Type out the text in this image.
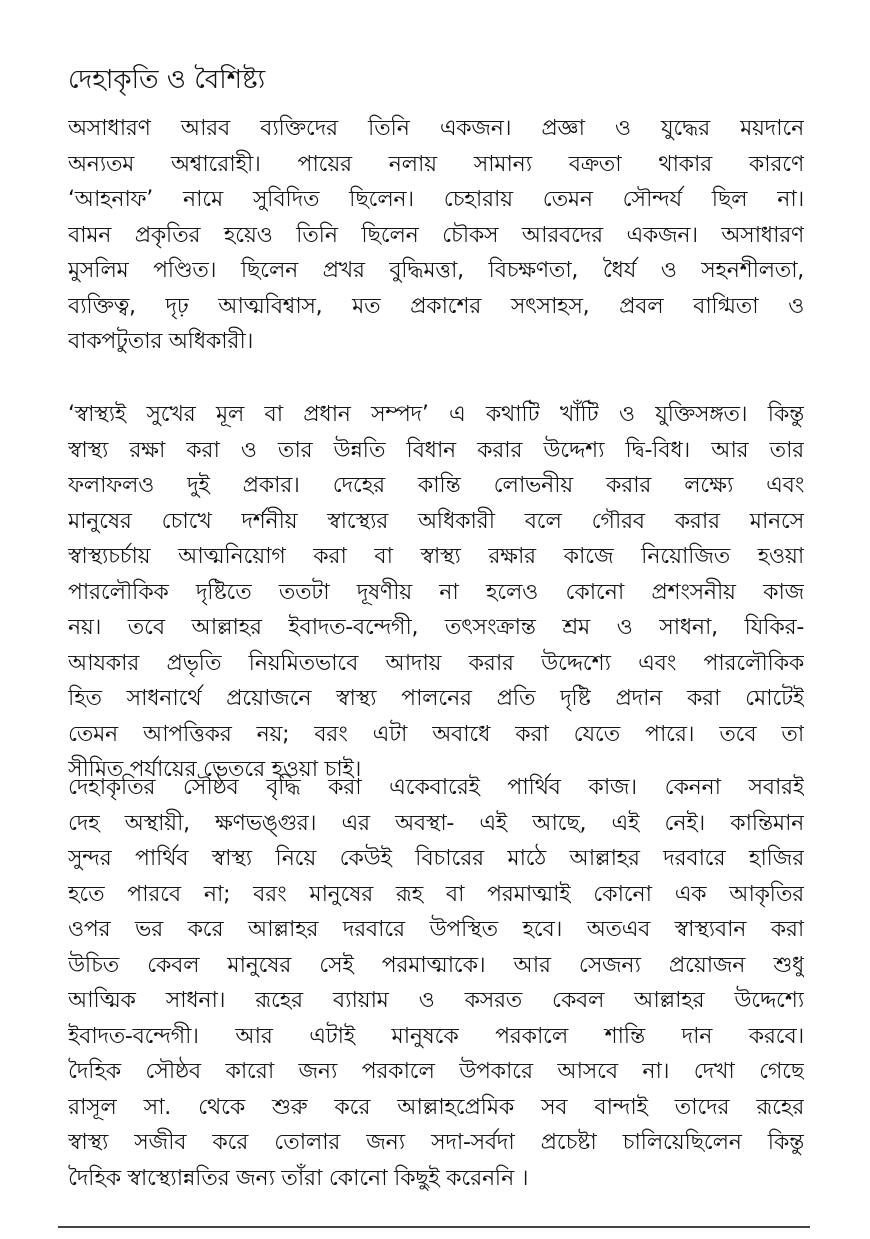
দেহাকৃতি ও বৈশিষ্ট্য
অসাধারণ আরব ব্যক্তিদের তিনি একজন। প্রজ্ঞা ও যুদ্ধের ময়দানে
অন্যতম অশ্বারোহী। পায়ের নলায় সামান্য বক্রতা থাকার কারণে
‘আহনাফ’ নামে সুবিদিত ছিলেন। চেহারায় তেমন সৌন্দর্য ছিল না।
বামন প্রকৃতির হয়েও তিনি ছিলেন চৌকস আরবদের একজন। অসাধারণ
মুসলিম পণ্ডিত। ছিলেন প্রখর বুদ্ধিমত্তা, বিচক্ষণতা, ধৈর্য ও সহনশীলতা,
ব্যক্তিত্ব, দৃঢ় আত্মবিশ্বাস, মত প্রকাশের সৎসাহস, প্রবল বাগ্মিতা ও
বাকপটুতার অধিকারী।
‘স্বাস্থ্যই সুখের মূল বা প্রধান সম্পদ’ এ কথাটি খাঁটি ও যুক্তিসঙ্গত। কিন্তু
স্বাস্থ্য রক্ষা করা ও তার উন্নতি বিধান করার উদ্দেশ্য দ্বি-বিধ। আর তার
ফলাফলও দুই প্রকার। দেহের কান্তি লোভনীয় করার লক্ষ্যে এবং
মানুষের চোখে দর্শনীয় স্বাস্থ্যের অধিকারী বলে গৌরব করার মানসে
স্বাস্থ্যচর্চায় আত্মনিয়োগ করা বা স্বাস্থ্য রক্ষার কাজে নিয়োজিত হওয়া
পারলৌকিক দৃষ্টিতে ততটা দূষণীয় না হলেও কোনো প্রশংসনীয় কাজ
নয়। তবে আল্লাহর ইবাদত-বন্দেগী, তৎসংক্রান্ত শ্রম ও সাধনা, যিকির-
আযকার প্রভৃতি নিয়মিতভাবে আদায় করার উদ্দেশ্যে এবং পারলৌকিক
হিত সাধনার্থে প্রয়োজনে স্বাস্থ্য পালনের প্রতি দৃষ্টি প্রদান করা মোটেই
তেমন আপত্তিকর নয়; বরং এটা অবাধে করা যেতে পারে। তবে তা
সীমিত পর্যায়ের ভেতরে হওয়া চাই।
দেহাকৃতির সৌষ্ঠব বৃদ্ধি করা একেবারেই পার্থিব কাজ। কেননা সবারই
দেহ অস্থায়ী, ক্ষণভঙ্গুর। এর অবস্থা- এই আছে, এই নেই। কান্তিমান
সুন্দর পার্থিব স্বাস্থ্য নিয়ে কেউই বিচারের মাঠে আল্লাহর দরবারে হাজির
হতে পারবে না; বরং মানুষের রূহ বা পরমাত্মাই কোনো এক আকৃতির
ওপর ভর করে আল্লাহর দরবারে উপস্থিত হবে। অতএব স্বাস্থ্যবান করা
উচিত কেবল মানুষের সেই পরমাত্মাকে। আর সেজন্য প্রয়োজন শুধু
আত্মিক সাধনা। রূহের ব্যায়াম ও কসরত কেবল আল্লাহর উদ্দেশ্যে
ইবাদত-বন্দেগী। আর এটাই মানুষকে পরকালে শান্তি দান করবে।
দৈহিক সৌষ্ঠব কারো জন্য পরকালে উপকারে আসবে না। দেখা গেছে
রাসূল সা. থেকে শুরু করে আল্লাহপ্রেমিক সব বান্দাই তাদের রূহের
স্বাস্থ্য সজীব করে তোলার জন্য সদা-সর্বদা প্রচেষ্টা চালিয়েছিলেন কিন্তু
দৈহিক স্বাস্থ্যোন্নতির জন্য তাঁরা কোনো কিছুই করেননি ।
